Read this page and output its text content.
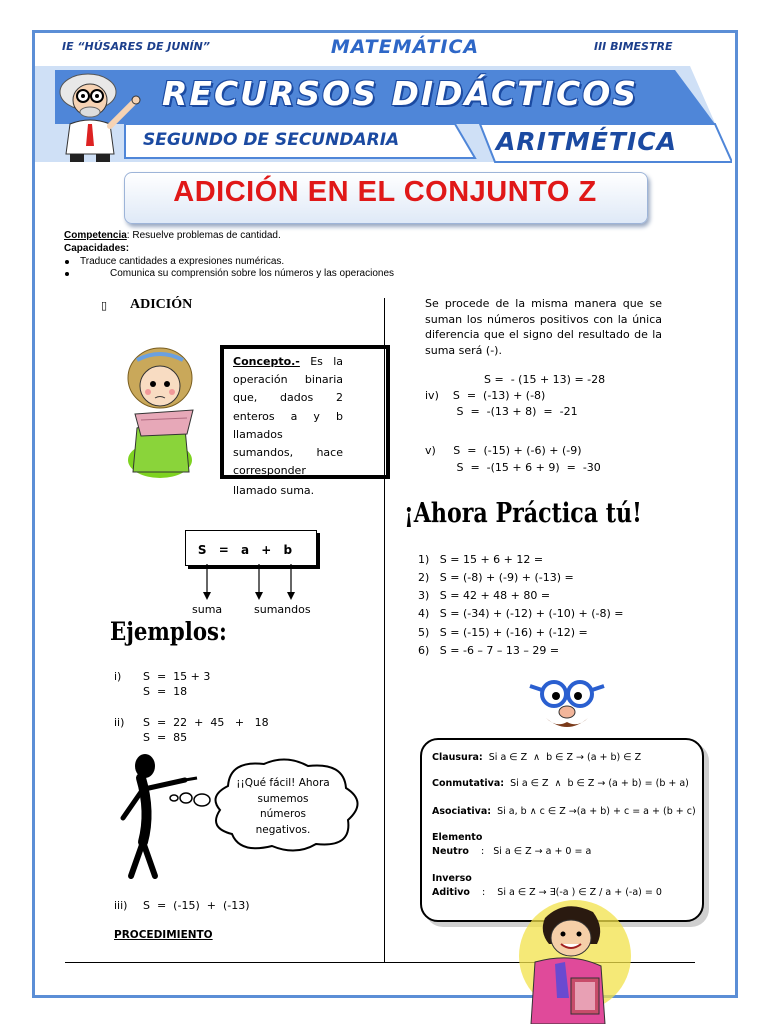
IE “HÚSARES DE JUNÍN”	MATEMÁTICA	III BIMESTRE
RECURSOS DIDÁCTICOS
SEGUNDO DE SECUNDARIA	ARITMÉTICA
ADICIÓN EN EL CONJUNTO Z
Competencia: Resuelve problemas de cantidad.
Capacidades:
Traduce cantidades a expresiones numéricas.
Comunica su comprensión sobre los números y las operaciones
▯ ADICIÓN
Concepto.- Es la operación binaria que, dados 2 enteros a y b llamados sumandos, hace corresponder
llamado suma.
S = a + b
suma	sumandos
Ejemplos:
i) S  =  15 + 3
S  =  18
ii) S  =  22  +  45   +   18
S  =  85
¡¡Qué fácil! Ahora sumemos números negativos.
iii) S  =  (-15)  +  (-13)
PROCEDIMIENTO
Se procede de la misma manera que se suman los números positivos con la única diferencia que el signo del resultado de la suma será (-).
S =  - (15 + 13) = -28
iv)    S  =  (-13) + (-8)
S  =  -(13 + 8)  =  -21
v)     S  =  (-15) + (-6) + (-9)
S  =  -(15 + 6 + 9)  =  -30
¡Ahora Práctica tú!
1)   S = 15 + 6 + 12 =
2)   S = (-8) + (-9) + (-13) =
3)   S = 42 + 48 + 80 =
4)   S = (-34) + (-12) + (-10) + (-8) =
5)   S = (-15) + (-16) + (-12) =
6)   S = -6 – 7 – 13 – 29 =
Clausura: Si a ∈ Z  ∧  b ∈ Z → (a + b) ∈ Z
Conmutativa: Si a ∈ Z  ∧  b ∈ Z → (a + b) = (b + a)
Asociativa: Si a, b ∧ c ∈ Z →(a + b) + c = a + (b + c)
Elemento
Neutro :   Si a ∈ Z → a + 0 = a
Inverso
Aditivo :    Si a ∈ Z → ∃(-a ) ∈ Z / a + (-a) = 0
